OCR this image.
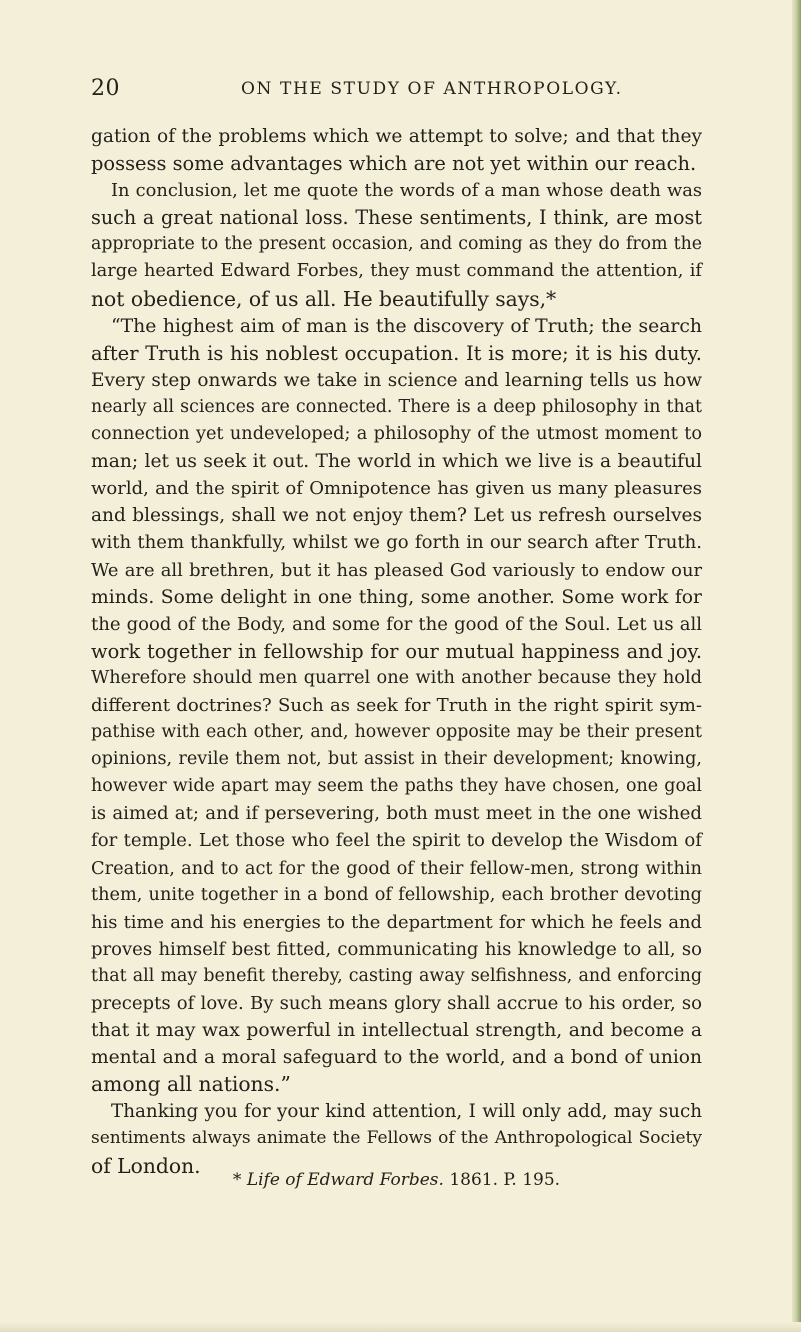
20	ON THE STUDY OF ANTHROPOLOGY.
gation of the problems which we attempt to solve; and that they
possess some advantages which are not yet within our reach.
In conclusion, let me quote the words of a man whose death was
such a great national loss. These sentiments, I think, are most
appropriate to the present occasion, and coming as they do from the
large hearted Edward Forbes, they must command the attention, if
not obedience, of us all. He beautifully says,*
“The highest aim of man is the discovery of Truth; the search
after Truth is his noblest occupation. It is more; it is his duty.
Every step onwards we take in science and learning tells us how
nearly all sciences are connected. There is a deep philosophy in that
connection yet undeveloped; a philosophy of the utmost moment to
man; let us seek it out. The world in which we live is a beautiful
world, and the spirit of Omnipotence has given us many pleasures
and blessings, shall we not enjoy them? Let us refresh ourselves
with them thankfully, whilst we go forth in our search after Truth.
We are all brethren, but it has pleased God variously to endow our
minds. Some delight in one thing, some another. Some work for
the good of the Body, and some for the good of the Soul. Let us all
work together in fellowship for our mutual happiness and joy.
Wherefore should men quarrel one with another because they hold
different doctrines? Such as seek for Truth in the right spirit sym-
pathise with each other, and, however opposite may be their present
opinions, revile them not, but assist in their development; knowing,
however wide apart may seem the paths they have chosen, one goal
is aimed at; and if persevering, both must meet in the one wished
for temple. Let those who feel the spirit to develop the Wisdom of
Creation, and to act for the good of their fellow-men, strong within
them, unite together in a bond of fellowship, each brother devoting
his time and his energies to the department for which he feels and
proves himself best fitted, communicating his knowledge to all, so
that all may benefit thereby, casting away selfishness, and enforcing
precepts of love. By such means glory shall accrue to his order, so
that it may wax powerful in intellectual strength, and become a
mental and a moral safeguard to the world, and a bond of union
among all nations.”
Thanking you for your kind attention, I will only add, may such
sentiments always animate the Fellows of the Anthropological Society
of London.
* Life of Edward Forbes. 1861. P. 195.
